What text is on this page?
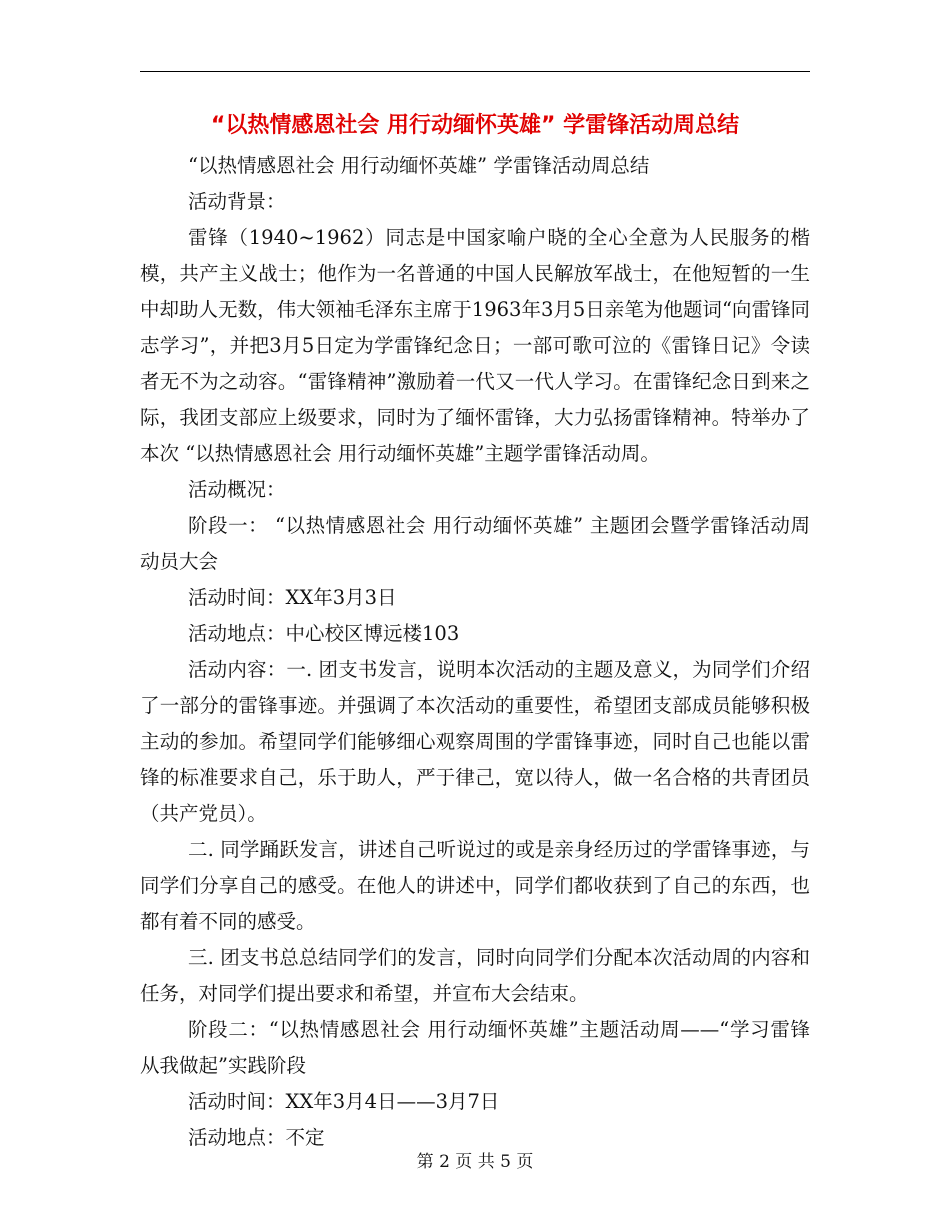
“以热情感恩社会 用行动缅怀英雄” 学雷锋活动周总结

“以热情感恩社会 用行动缅怀英雄” 学雷锋活动周总结

活动背景：

雷锋（1940~1962）同志是中国家喻户晓的全心全意为人民服务的楷模，共产主义战士；他作为一名普通的中国人民解放军战士，在他短暂的一生中却助人无数，伟大领袖毛泽东主席于1963年3月5日亲笔为他题词“向雷锋同志学习”，并把3月5日定为学雷锋纪念日；一部可歌可泣的《雷锋日记》令读者无不为之动容。“雷锋精神”激励着一代又一代人学习。在雷锋纪念日到来之际，我团支部应上级要求，同时为了缅怀雷锋，大力弘扬雷锋精神。特举办了本次 “以热情感恩社会 用行动缅怀英雄”主题学雷锋活动周。

活动概况：

阶段一： “以热情感恩社会 用行动缅怀英雄” 主题团会暨学雷锋活动周动员大会

活动时间：XX年3月3日

活动地点：中心校区博远楼103

活动内容：一. 团支书发言，说明本次活动的主题及意义，为同学们介绍了一部分的雷锋事迹。并强调了本次活动的重要性，希望团支部成员能够积极主动的参加。希望同学们能够细心观察周围的学雷锋事迹，同时自己也能以雷锋的标准要求自己，乐于助人，严于律己，宽以待人，做一名合格的共青团员（共产党员）。

二. 同学踊跃发言，讲述自己听说过的或是亲身经历过的学雷锋事迹，与同学们分享自己的感受。在他人的讲述中，同学们都收获到了自己的东西，也都有着不同的感受。

三. 团支书总总结同学们的发言，同时向同学们分配本次活动周的内容和任务，对同学们提出要求和希望，并宣布大会结束。

阶段二：“以热情感恩社会 用行动缅怀英雄”主题活动周——“学习雷锋 从我做起”实践阶段

活动时间：XX年3月4日——3月7日

活动地点：不定

第 2 页 共 5 页
